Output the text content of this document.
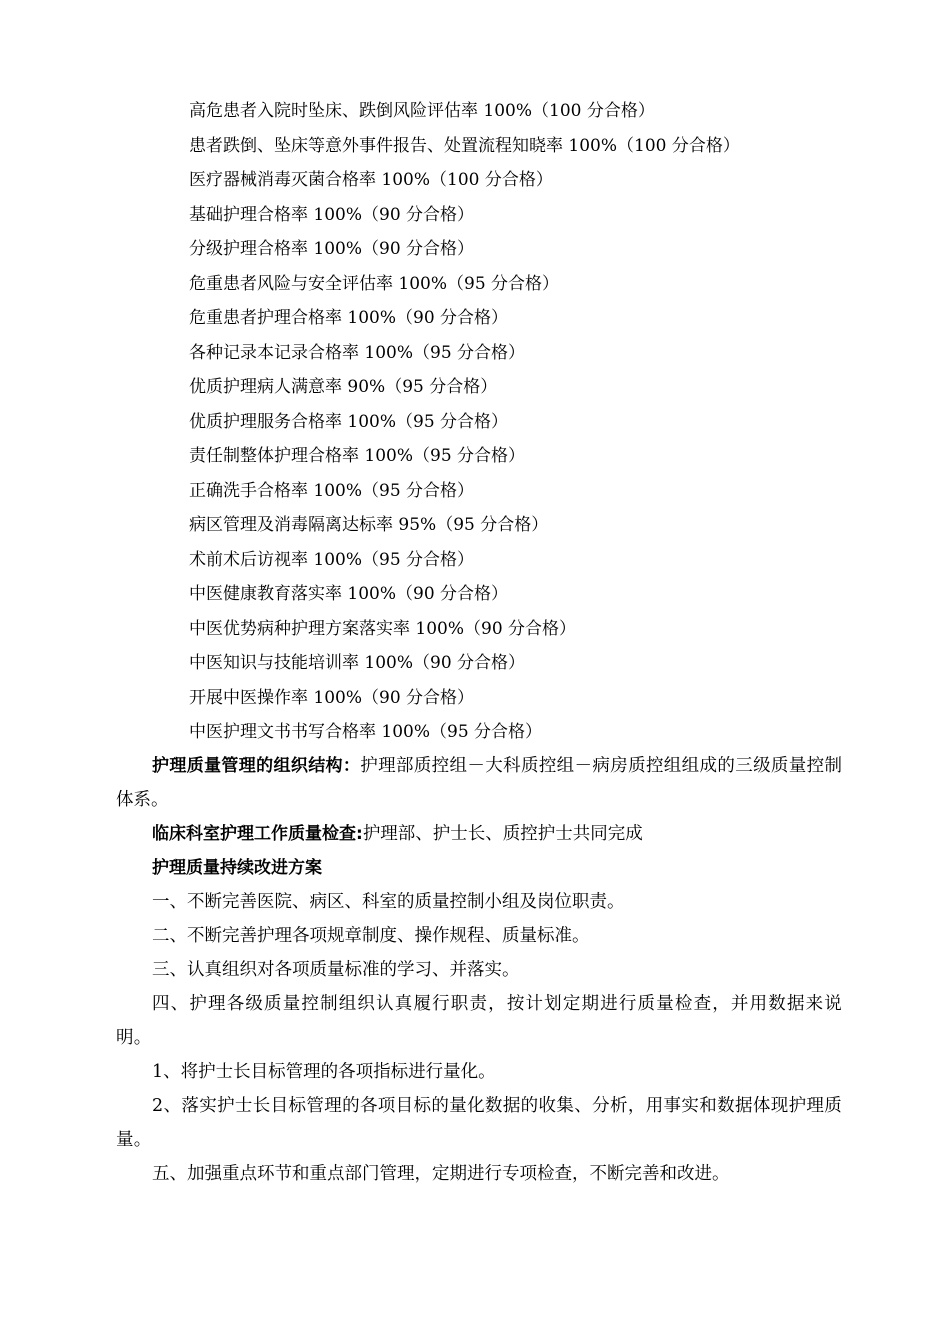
高危患者入院时坠床、跌倒风险评估率 100%（100 分合格）
患者跌倒、坠床等意外事件报告、处置流程知晓率 100%（100 分合格）
医疗器械消毒灭菌合格率 100%（100 分合格）
基础护理合格率 100%（90 分合格）
分级护理合格率 100%（90 分合格）
危重患者风险与安全评估率 100%（95 分合格）
危重患者护理合格率 100%（90 分合格）
各种记录本记录合格率 100%（95 分合格）
优质护理病人满意率 90%（95 分合格）
优质护理服务合格率 100%（95 分合格）
责任制整体护理合格率 100%（95 分合格）
正确洗手合格率 100%（95 分合格）
病区管理及消毒隔离达标率 95%（95 分合格）
术前术后访视率 100%（95 分合格）
中医健康教育落实率 100%（90 分合格）
中医优势病种护理方案落实率 100%（90 分合格）
中医知识与技能培训率 100%（90 分合格）
开展中医操作率 100%（90 分合格）
中医护理文书书写合格率 100%（95 分合格）

护理质量管理的组织结构：护理部质控组－大科质控组－病房质控组组成的三级质量控制体系。

临床科室护理工作质量检查:护理部、护士长、质控护士共同完成

护理质量持续改进方案

一、不断完善医院、病区、科室的质量控制小组及岗位职责。

二、不断完善护理各项规章制度、操作规程、质量标准。

三、认真组织对各项质量标准的学习、并落实。

四、护理各级质量控制组织认真履行职责，按计划定期进行质量检查，并用数据来说明。

1、将护士长目标管理的各项指标进行量化。

2、落实护士长目标管理的各项目标的量化数据的收集、分析，用事实和数据体现护理质量。

五、加强重点环节和重点部门管理，定期进行专项检查，不断完善和改进。
